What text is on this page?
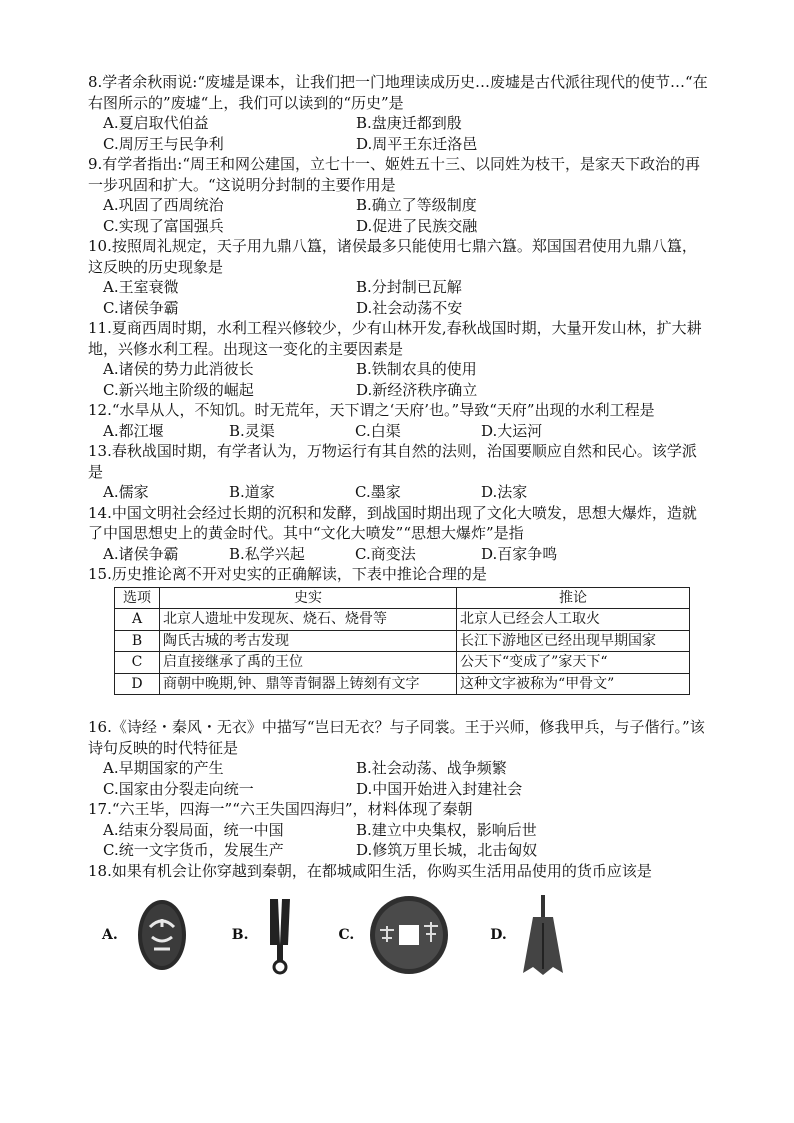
8.学者余秋雨说:“废墟是课本，让我们把一门地理读成历史…废墟是古代派往现代的使节…“在右图所示的”废墟“上，我们可以读到的“历史”是
A.夏启取代伯益	B.盘庚迁都到殷
C.周厉王与民争利	D.周平王东迁洛邑
9.有学者指出:“周王和网公建国，立七十一、姬姓五十三、以同姓为枝干，是家天下政治的再一步巩固和扩大。“这说明分封制的主要作用是
A.巩固了西周统治	B.确立了等级制度
C.实现了富国强兵	D.促进了民族交融
10.按照周礼规定，天子用九鼎八簋，诸侯最多只能使用七鼎六簋。郑国国君使用九鼎八簋，这反映的历史现象是
A.王室衰微	B.分封制已瓦解
C.诸侯争霸	D.社会动荡不安
11.夏商西周时期，水利工程兴修较少，少有山林开发,春秋战国时期，大量开发山林，扩大耕地，兴修水利工程。出现这一变化的主要因素是
A.诸侯的势力此消彼长	B.铁制农具的使用
C.新兴地主阶级的崛起	D.新经济秩序确立
12.“水旱从人，不知饥。时无荒年，天下谓之‘天府’也。”导致“天府”出现的水利工程是
A.都江堰	B.灵渠	C.白渠	D.大运河
13.春秋战国时期，有学者认为，万物运行有其自然的法则，治国要顺应自然和民心。该学派是
A.儒家	B.道家	C.墨家	D.法家
14.中国文明社会经过长期的沉积和发酵，到战国时期出现了文化大喷发，思想大爆炸，造就了中国思想史上的黄金时代。其中“文化大喷发”“思想大爆炸”是指
A.诸侯争霸	B.私学兴起	C.商变法	D.百家争鸣
15.历史推论离不开对史实的正确解读，下表中推论合理的是
选项	史实	推论
A	北京人遗址中发现灰、烧石、烧骨等	北京人已经会人工取火
B	陶氏古城的考古发现	长江下游地区已经出现早期国家
C	启直接继承了禹的王位	公天下“变成了”家天下“
D	商朝中晚期,钟、鼎等青铜器上铸刻有文字	这种文字被称为“甲骨文”
16.《诗经・秦风・无衣》中描写“岂曰无衣？与子同裳。王于兴师，修我甲兵，与子偕行。”该诗句反映的时代特征是
A.早期国家的产生	B.社会动荡、战争频繁
C.国家由分裂走向统一	D.中国开始进入封建社会
17.“六王毕，四海一”“六王失国四海归”，材料体现了秦朝
A.结束分裂局面，统一中国	B.建立中央集权，影响后世
C.统一文字货币，发展生产	D.修筑万里长城，北击匈奴
18.如果有机会让你穿越到秦朝，在都城咸阳生活，你购买生活用品使用的货币应该是
A.	B.	C.	D.
